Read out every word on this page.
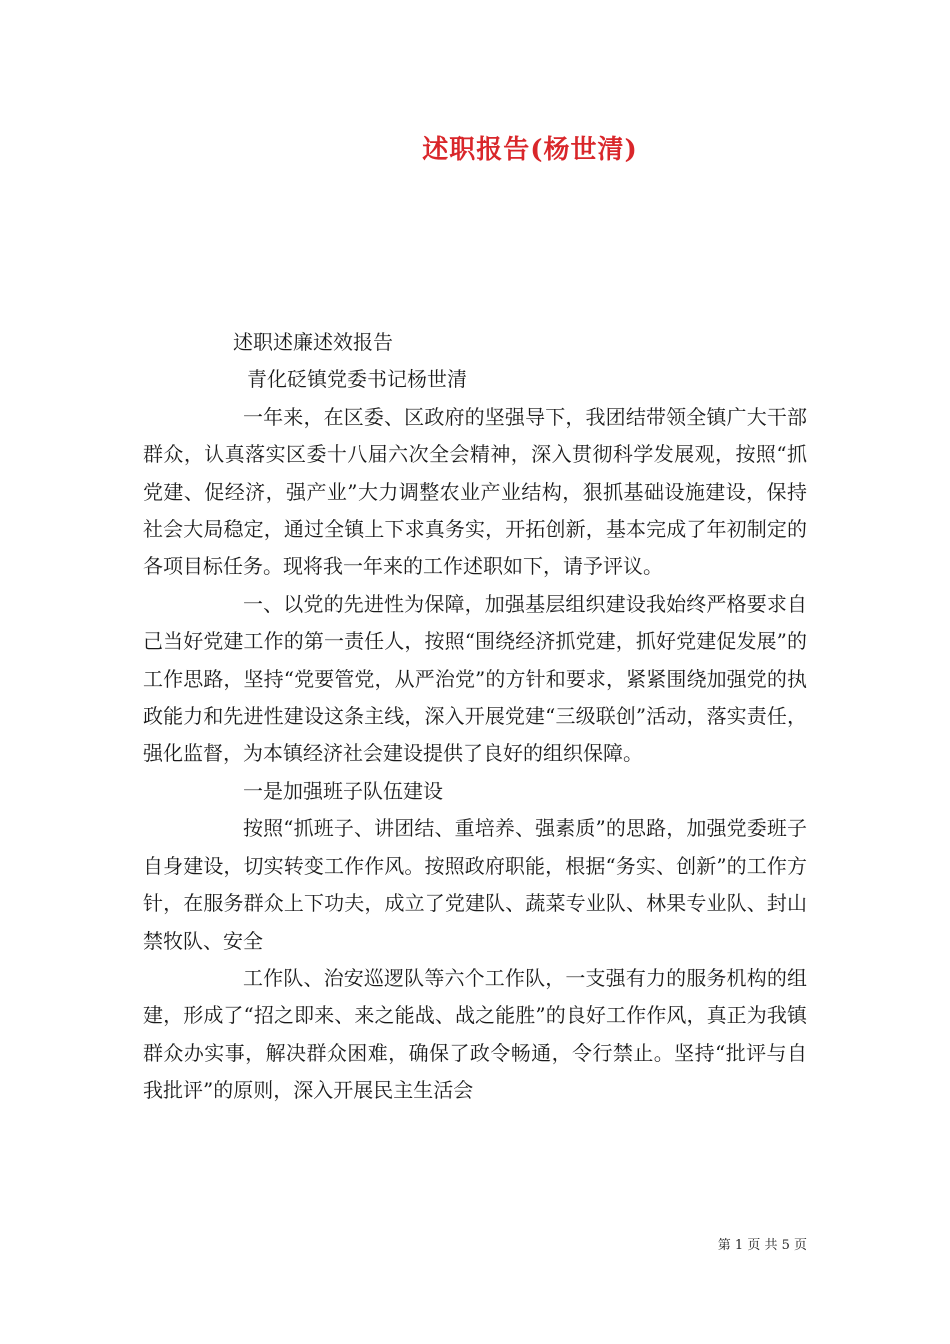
述职报告(杨世清)

述职述廉述效报告

青化砭镇党委书记杨世清

一年来，在区委、区政府的坚强导下，我团结带领全镇广大干部群众，认真落实区委十八届六次全会精神，深入贯彻科学发展观，按照“抓党建、促经济，强产业”大力调整农业产业结构，狠抓基础设施建设，保持社会大局稳定，通过全镇上下求真务实，开拓创新，基本完成了年初制定的各项目标任务。现将我一年来的工作述职如下，请予评议。

一、以党的先进性为保障，加强基层组织建设我始终严格要求自己当好党建工作的第一责任人，按照“围绕经济抓党建，抓好党建促发展”的工作思路，坚持“党要管党，从严治党”的方针和要求，紧紧围绕加强党的执政能力和先进性建设这条主线，深入开展党建“三级联创”活动，落实责任，强化监督，为本镇经济社会建设提供了良好的组织保障。

一是加强班子队伍建设

按照“抓班子、讲团结、重培养、强素质”的思路，加强党委班子自身建设，切实转变工作作风。按照政府职能，根据“务实、创新”的工作方针，在服务群众上下功夫，成立了党建队、蔬菜专业队、林果专业队、封山禁牧队、安全

工作队、治安巡逻队等六个工作队，一支强有力的服务机构的组建，形成了“招之即来、来之能战、战之能胜”的良好工作作风，真正为我镇群众办实事，解决群众困难，确保了政令畅通，令行禁止。坚持“批评与自我批评”的原则，深入开展民主生活会

第 1 页 共 5 页
